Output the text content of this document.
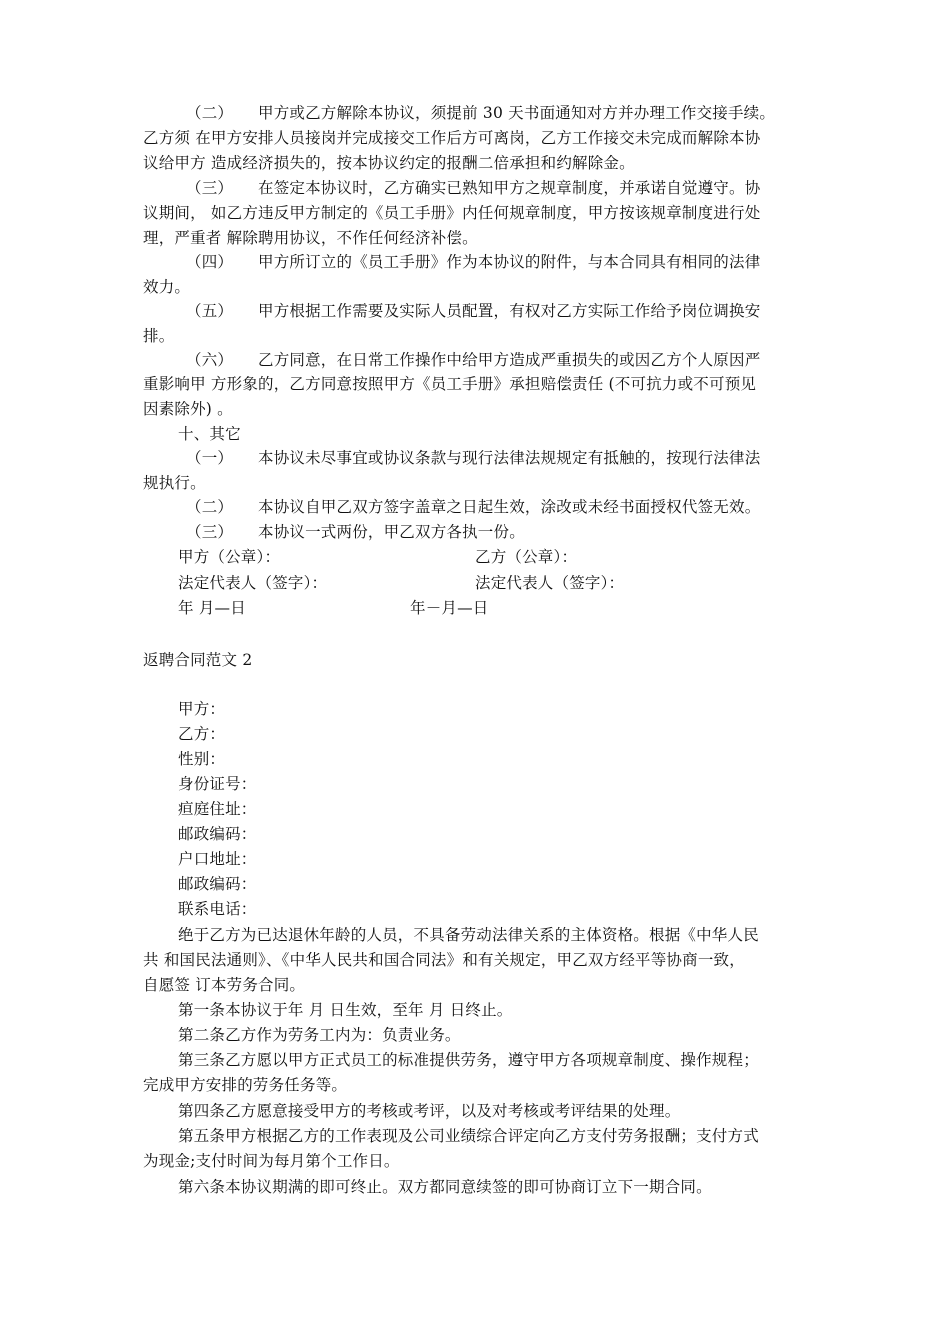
（二） 甲方或乙方解除本协议，须提前 30 天书面通知对方并办理工作交接手续。
乙方须 在甲方安排人员接岗并完成接交工作后方可离岗，乙方工作接交未完成而解除本协
议给甲方 造成经济损失的，按本协议约定的报酬二倍承担和约解除金。
（三） 在签定本协议时，乙方确实已熟知甲方之规章制度，并承诺自觉遵守。协
议期间， 如乙方违反甲方制定的《员工手册》内任何规章制度，甲方按该规章制度进行处
理，严重者 解除聘用协议，不作任何经济补偿。
（四） 甲方所订立的《员工手册》作为本协议的附件，与本合同具有相同的法律
效力。
（五） 甲方根据工作需要及实际人员配置，有权对乙方实际工作给予岗位调换安
排。
（六） 乙方同意，在日常工作操作中给甲方造成严重损失的或因乙方个人原因严
重影响甲 方形象的，乙方同意按照甲方《员工手册》承担赔偿责任 (不可抗力或不可预见
因素除外) 。
十、其它
（一） 本协议未尽事宜或协议条款与现行法律法规规定有抵触的，按现行法律法
规执行。
（二） 本协议自甲乙双方签字盖章之日起生效，涂改或未经书面授权代签无效。
（三） 本协议一式两份，甲乙双方各执一份。
甲方（公章）：	乙方（公章）：
法定代表人（签字）：	法定代表人（签字）：
年 月—日	年－月—日
返聘合同范文 2
甲方：
乙方：
性别：
身份证号：
疸庭住址：
邮政编码：
户口地址：
邮政编码：
联系电话：
绝于乙方为已达退休年龄的人员，不具备劳动法律关系的主体资格。根据《中华人民
共 和国民法通则》、《中华人民共和国合同法》和有关规定，甲乙双方经平等协商一致，
自愿签 订本劳务合同。
第一条本协议于年 月 日生效，至年 月 日终止。
第二条乙方作为劳务工内为：负责业务。
第三条乙方愿以甲方正式员工的标准提供劳务，遵守甲方各项规章制度、操作规程；
完成甲方安排的劳务任务等。
第四条乙方愿意接受甲方的考核或考评，以及对考核或考评结果的处理。
第五条甲方根据乙方的工作表现及公司业绩综合评定向乙方支付劳务报酬；支付方式
为现金;支付时间为每月第个工作日。
第六条本协议期满的即可终止。双方都同意续签的即可协商订立下一期合同。
